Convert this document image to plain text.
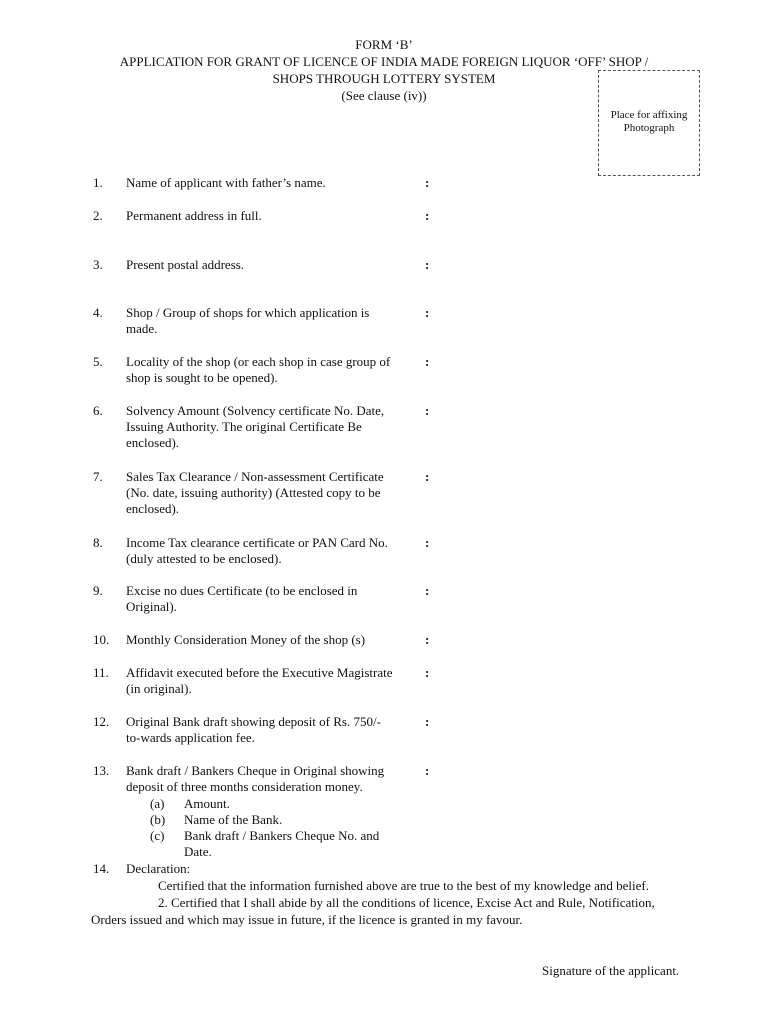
FORM ‘B’
APPLICATION FOR GRANT OF LICENCE OF INDIA MADE FOREIGN LIQUOR ‘OFF’ SHOP /
SHOPS THROUGH LOTTERY SYSTEM
(See clause (iv))
Place for affixing
Photograph
1.	Name of applicant with father’s name.	:
2.	Permanent address in full.	:
3.	Present postal address.	:
4.	Shop / Group of shops for which application is
made.
:
5.	Locality of the shop (or each shop in case group of
shop is sought to be opened).
:
6.	Solvency Amount (Solvency certificate No. Date,
Issuing Authority. The original Certificate Be
enclosed).
:
7.	Sales Tax Clearance / Non-assessment Certificate
(No. date, issuing authority) (Attested copy to be
enclosed).
:
8.	Income Tax clearance certificate or PAN Card No.
(duly attested to be enclosed).
:
9.	Excise no dues Certificate (to be enclosed in
Original).
:
10.	Monthly Consideration Money of the shop (s)	:
11.	Affidavit executed before the Executive Magistrate
(in original).
:
12.	Original Bank draft showing deposit of Rs. 750/-
to-wards application fee.
:
13.	Bank draft / Bankers Cheque in Original showing
deposit of three months consideration money.
:
(a) Amount.
(b) Name of the Bank.
(c) Bank draft / Bankers Cheque No. and
Date.
14.	Declaration:
Certified that the information furnished above are true to the best of my knowledge and belief.
2. Certified that I shall abide by all the conditions of licence, Excise Act and Rule, Notification,
Orders issued and which may issue in future, if the licence is granted in my favour.
Signature of the applicant.
